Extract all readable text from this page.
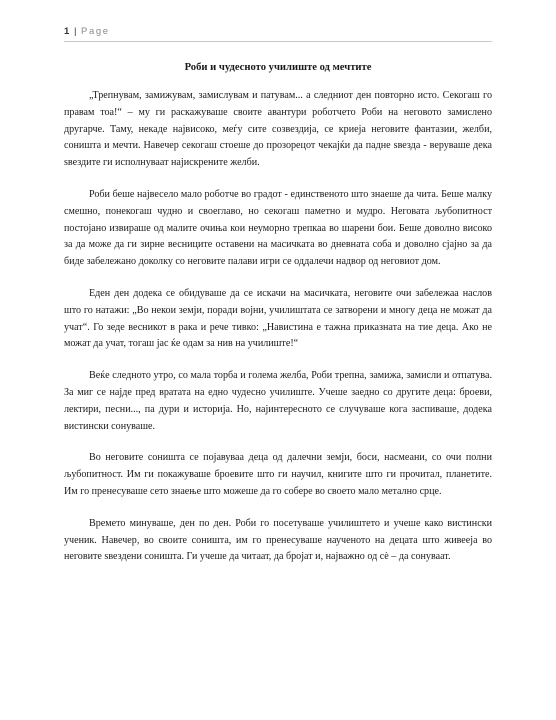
1 | Page
Роби и чудесното училиште од мечтите

„Трепнувам, замижувам, замислувам и патувам... а следниот ден повторно исто. Секогаш го правам тоа!“ – му ги раскажуваше своите авантури роботчето Роби на неговото замислено другарче. Таму, некаде највисоко, меѓу сите созвездија, се криеја неговите фантазии, желби, соништа и мечти. Навечер секогаш стоеше до прозорецот чекајќи да падне ѕвезда - веруваше дека ѕвездите ги исполнуваат најискрените желби.

Роби беше највесело мало роботче во градот - единственото што знаеше да чита. Беше малку смешно, понекогаш чудно и своеглаво, но секогаш паметно и мудро. Неговата љубопитност постојано извираше од малите очиња кои неуморно трепкаа во шарени бои. Беше доволно високо за да може да ги зирне весниците оставени на масичката во дневната соба и доволно сјајно за да биде забележано доколку со неговите палави игри се оддалечи надвор од неговиот дом.

Еден ден додека се обидуваше да се искачи на масичката, неговите очи забележаа наслов што го натажи: „Во некои земји, поради војни, училиштата се затворени и многу деца не можат да учат“. Го зеде весникот в рака и рече тивко: „Навистина е тажна приказната на тие деца. Ако не можат да учат, тогаш јас ќе одам за нив на училиште!“

Веќе следното утро, со мала торба и голема желба, Роби трепна, замижа, замисли и отпатува. За миг се најде пред вратата на едно чудесно училиште. Учеше заедно со другите деца: броеви, лектири, песни..., па дури и историја. Но, најинтересното се случуваше кога заспиваше, додека вистински сонуваше.

Во неговите соништа се појавуваа деца од далечни земји, боси, насмеани, со очи полни љубопитност. Им ги покажуваше броевите што ги научил, книгите што ги прочитал, планетите. Им го пренесуваше сето знаење што можеше да го собере во своето мало метално срце.

Времето минуваше, ден по ден. Роби го посетуваше училиштето и учеше како вистински ученик. Навечер, во своите соништа, им го пренесуваше наученото на децата што живееја во неговите ѕвездени соништа. Ги учеше да читаат, да бројат и, најважно од сè – да сонуваат.
